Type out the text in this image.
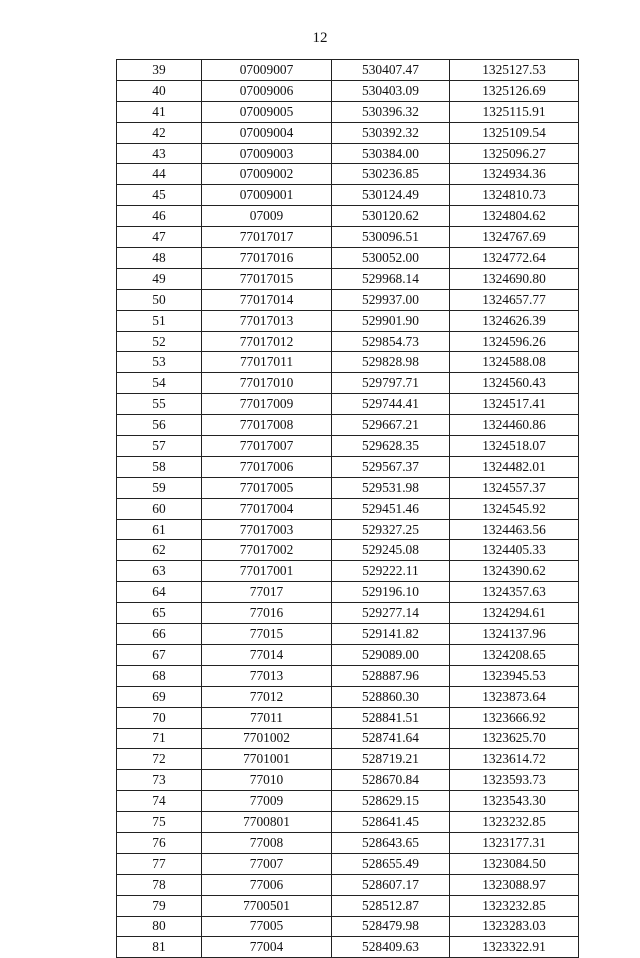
12
39	07009007	530407.47	1325127.53
40	07009006	530403.09	1325126.69
41	07009005	530396.32	1325115.91
42	07009004	530392.32	1325109.54
43	07009003	530384.00	1325096.27
44	07009002	530236.85	1324934.36
45	07009001	530124.49	1324810.73
46	07009	530120.62	1324804.62
47	77017017	530096.51	1324767.69
48	77017016	530052.00	1324772.64
49	77017015	529968.14	1324690.80
50	77017014	529937.00	1324657.77
51	77017013	529901.90	1324626.39
52	77017012	529854.73	1324596.26
53	77017011	529828.98	1324588.08
54	77017010	529797.71	1324560.43
55	77017009	529744.41	1324517.41
56	77017008	529667.21	1324460.86
57	77017007	529628.35	1324518.07
58	77017006	529567.37	1324482.01
59	77017005	529531.98	1324557.37
60	77017004	529451.46	1324545.92
61	77017003	529327.25	1324463.56
62	77017002	529245.08	1324405.33
63	77017001	529222.11	1324390.62
64	77017	529196.10	1324357.63
65	77016	529277.14	1324294.61
66	77015	529141.82	1324137.96
67	77014	529089.00	1324208.65
68	77013	528887.96	1323945.53
69	77012	528860.30	1323873.64
70	77011	528841.51	1323666.92
71	7701002	528741.64	1323625.70
72	7701001	528719.21	1323614.72
73	77010	528670.84	1323593.73
74	77009	528629.15	1323543.30
75	7700801	528641.45	1323232.85
76	77008	528643.65	1323177.31
77	77007	528655.49	1323084.50
78	77006	528607.17	1323088.97
79	7700501	528512.87	1323232.85
80	77005	528479.98	1323283.03
81	77004	528409.63	1323322.91
